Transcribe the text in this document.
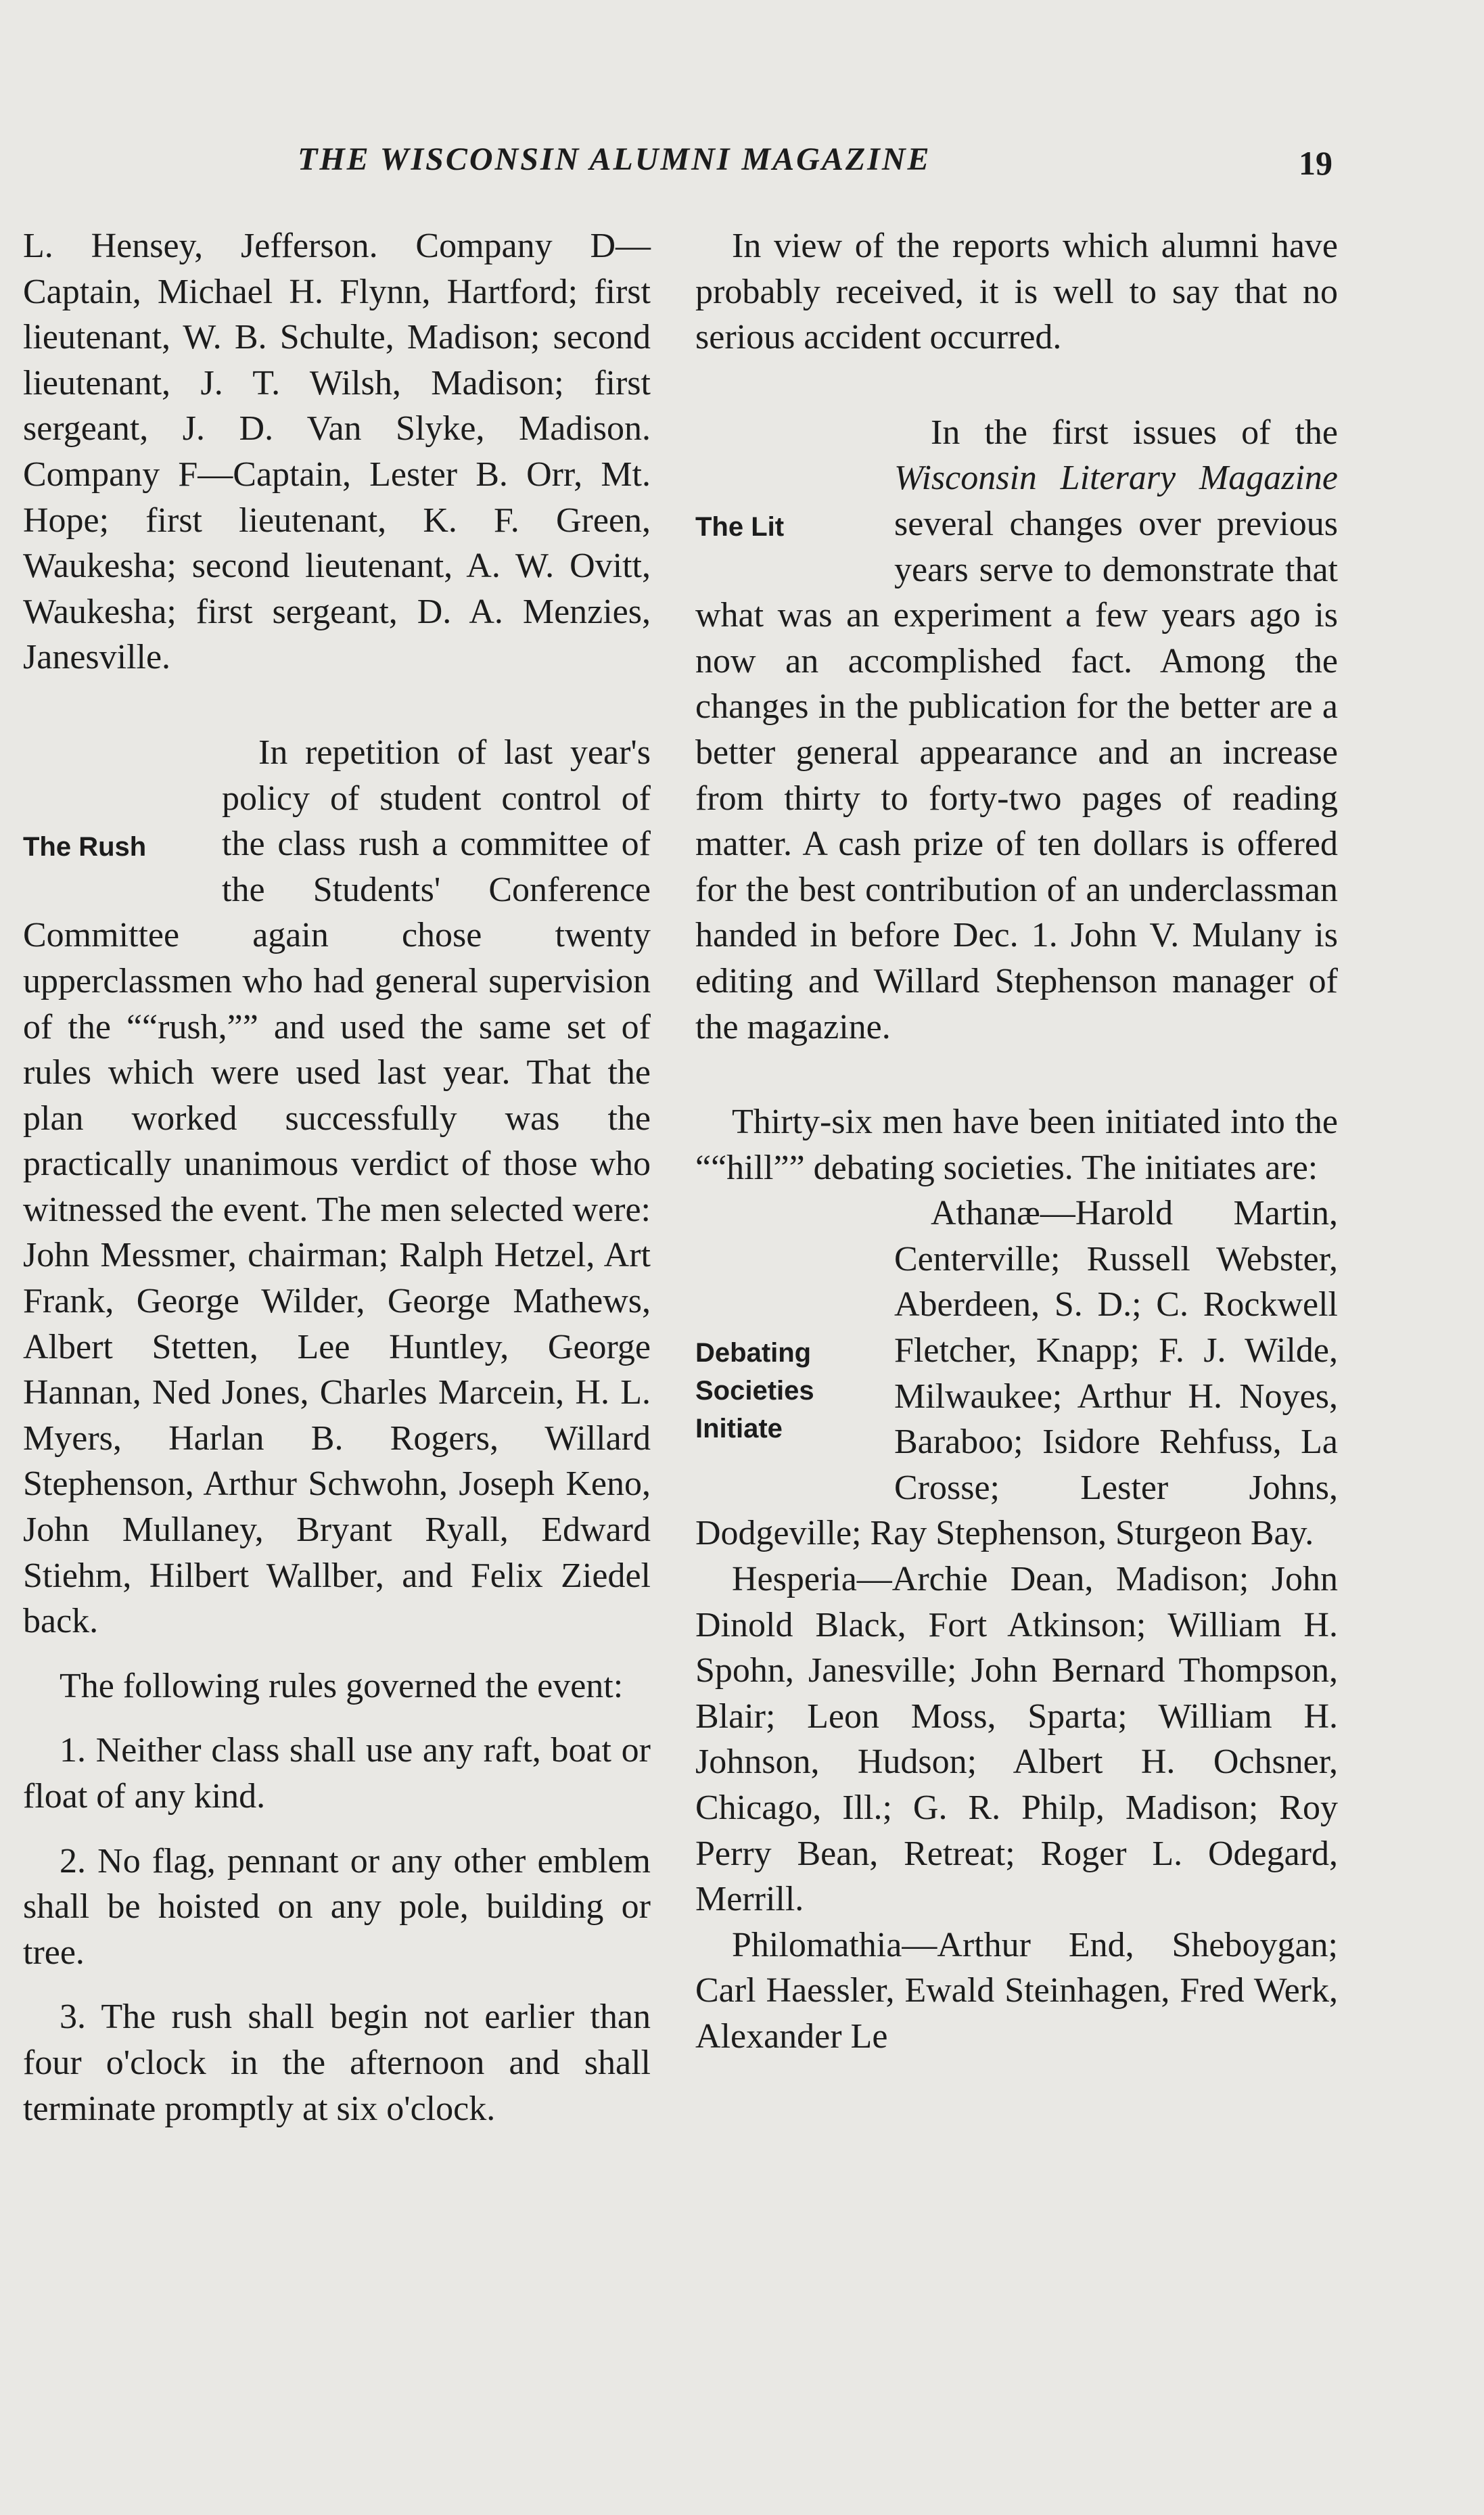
THE WISCONSIN ALUMNI MAGAZINE	19

L. Hensey, Jefferson. Company D—Captain, Michael H. Flynn, Hartford; first lieutenant, W. B. Schulte, Madison; second lieutenant, J. T. Wilsh, Madison; first sergeant, J. D. Van Slyke, Madison. Company F—Captain, Lester B. Orr, Mt. Hope; first lieutenant, K. F. Green, Waukesha; second lieutenant, A. W. Ovitt, Waukesha; first sergeant, D. A. Menzies, Janesville.

The Rush

In repetition of last year's policy of student control of the class rush a committee of the Students' Conference Committee again chose twenty upperclassmen who had general supervision of the ““rush,”” and used the same set of rules which were used last year. That the plan worked successfully was the practically unanimous verdict of those who witnessed the event. The men selected were: John Messmer, chairman; Ralph Hetzel, Art Frank, George Wilder, George Mathews, Albert Stetten, Lee Huntley, George Hannan, Ned Jones, Charles Marcein, H. L. Myers, Harlan B. Rogers, Willard Stephenson, Arthur Schwohn, Joseph Keno, John Mullaney, Bryant Ryall, Edward Stiehm, Hilbert Wallber, and Felix Ziedel back.

The following rules governed the event:

1. Neither class shall use any raft, boat or float of any kind.

2. No flag, pennant or any other emblem shall be hoisted on any pole, building or tree.

3. The rush shall begin not earlier than four o'clock in the afternoon and shall terminate promptly at six o'clock.

In view of the reports which alumni have probably received, it is well to say that no serious accident occurred.

The Lit

In the first issues of the Wisconsin Literary Magazine several changes over previous years serve to demonstrate that what was an experiment a few years ago is now an accomplished fact. Among the changes in the publication for the better are a better general appearance and an increase from thirty to forty-two pages of reading matter. A cash prize of ten dollars is offered for the best contribution of an underclassman handed in before Dec. 1. John V. Mulany is editing and Willard Stephenson manager of the magazine.

Thirty-six men have been initiated into the ““hill”” debating societies. The initiates are:

Debating Societies Initiate

Athanæ—Harold Martin, Centerville; Russell Webster, Aberdeen, S. D.; C. Rockwell Fletcher, Knapp; F. J. Wilde, Milwaukee; Arthur H. Noyes, Baraboo; Isidore Rehfuss, La Crosse; Lester Johns, Dodgeville; Ray Stephenson, Sturgeon Bay.

Hesperia—Archie Dean, Madison; John Dinold Black, Fort Atkinson; William H. Spohn, Janesville; John Bernard Thompson, Blair; Leon Moss, Sparta; William H. Johnson, Hudson; Albert H. Ochsner, Chicago, Ill.; G. R. Philp, Madison; Roy Perry Bean, Retreat; Roger L. Odegard, Merrill.

Philomathia—Arthur End, Sheboygan; Carl Haessler, Ewald Steinhagen, Fred Werk, Alexander Le
